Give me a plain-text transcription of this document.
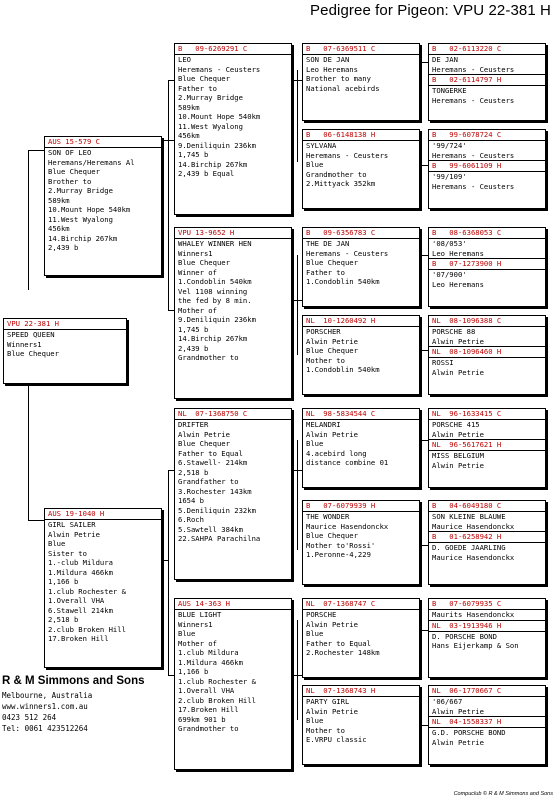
Pedigree for Pigeon: VPU 22-381 H
VPU 22-381 H
SPEED QUEEN
Winners1
Blue Chequer
AUS 15-579 C
SON OF LEO
Heremans/Heremans Al
Blue Chequer
Brother to
2.Murray Bridge
589km
10.Mount Hope 540km
11.West Wyalong
456km
14.Birchip 267km
2,439 b
AUS 19-1040 H
GIRL SAILER
Alwin Petrie
Blue
Sister to
1.-club Mildura
1.Mildura 466km
1,166 b
1.club Rochester &
1.Overall VHA
6.Stawell 214km
2,518 b
2.club Broken Hill
17.Broken Hill
B   09-6269291 C
LEO
Heremans - Ceusters
Blue Chequer
Father to
2.Murray Bridge
589km
10.Mount Hope 540km
11.West Wyalong
456km
9.Deniliquin 236km
1,745 b
14.Birchip 267km
2,439 b Equal
VPU 13-9652 H
WHALEY WINNER HEN
Winners1
Blue Chequer
Winner of
1.Condoblin 540km
Vel 1108 winning
the fed by 8 min.
Mother of
9.Deniliquin 236km
1,745 b
14.Birchip 267km
2,439 b
Grandmother to
NL  07-1368750 C
DRIFTER
Alwin Petrie
Blue Chequer
Father to Equal
6.Stawell- 214km
2,518 b
Grandfather to
3.Rochester 143km
1654 b
5.Deniliquin 232km
6.Roch
5.Sawtell 384km
22.SAHPA Parachilna
AUS 14-363 H
BLUE LIGHT
Winners1
Blue
Mother of
1.club Mildura
1.Mildura 466km
1,166 b
1.club Rochester &
1.Overall VHA
2.club Broken Hill
17.Broken Hill
699km 901 b
Grandmother to
B   07-6369511 C
SON DE JAN
Leo Heremans
Brother to many
National acebirds
B   06-6148138 H
SYLVANA
Heremans - Ceusters
Blue
Grandmother to
2.Mittyack 352km
B   09-6356783 C
THE DE JAN
Heremans - Ceusters
Blue Chequer
Father to
1.Condoblin 540km
NL  10-1260492 H
PORSCHER
Alwin Petrie
Blue Chequer
Mother to
1.Condoblin 540km
NL  98-5834544 C
MELANDRI
Alwin Petrie
Blue
4.acebird long
distance combine 01
B   07-6079939 H
THE WONDER
Maurice Hasendonckx
Blue Chequer
Mother to'Rossi'
1.Peronne-4,229
NL  07-1368747 C
PORSCHE
Alwin Petrie
Blue
Father to Equal
2.Rochester 148km
NL  07-1368743 H
PARTY GIRL
Alwin Petrie
Blue
Mother to
E.VRPU classic
B   02-6113220 C
DE JAN
Heremans - Ceusters
B   02-6114797 H
TONGERKE
Heremans - Ceusters
B   99-6078724 C
'99/724'
Heremans - Ceusters
B   99-6061109 H
'99/109'
Heremans - Ceusters
B   08-6368053 C
'08/053'
Leo Heremans
B   07-1273900 H
'07/900'
Leo Heremans
NL  08-1096388 C
PORSCHE 88
Alwin Petrie
NL  08-1096460 H
ROSSI
Alwin Petrie
NL  96-1633415 C
PORSCHE 415
Alwin Petrie
NL  96-5617621 H
MISS BELGIUM
Alwin Petrie
B   04-6049180 C
SON KLEINE BLAUWE
Maurice Hasendonckx
B   01-6258942 H
D. GOEDE JAARLING
Maurice Hasendonckx
B   07-6079935 C
Maurits Hasendonckx
NL  03-1913946 H
D. PORSCHE BOND
Hans Eijerkamp & Son
NL  06-1770667 C
'06/667
Alwin Petrie
NL  04-1558337 H
G.D. PORSCHE BOND
Alwin Petrie
R & M Simmons and Sons
Melbourne, Australia
www.winners1.com.au
0423 512 264
Tel: 0061 423512264
Compuclub © R & M Simmons and Sons
